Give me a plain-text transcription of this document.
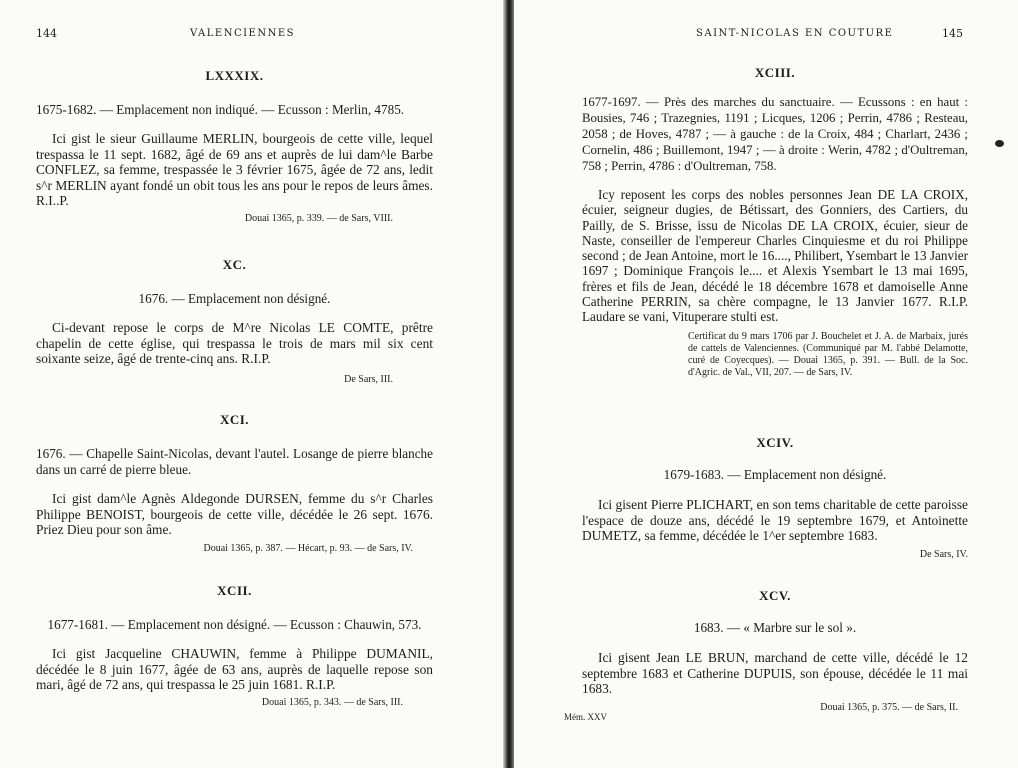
144	VALENCIENNES
LXXXIX.

1675-1682. — Emplacement non indiqué. — Ecusson : Merlin, 4785.

Ici gist le sieur Guillaume MERLIN, bourgeois de cette ville, lequel trespassa le 11 sept. 1682, âgé de 69 ans et auprès de lui dam^le Barbe CONFLEZ, sa femme, trespassée le 3 février 1675, âgée de 72 ans, ledit s^r MERLIN ayant fondé un obit tous les ans pour le repos de leurs âmes. R.I..P.

Douai 1365, p. 339. — de Sars, VIII.

XC.

1676. — Emplacement non désigné.

Ci-devant repose le corps de M^re Nicolas LE COMTE, prêtre chapelin de cette église, qui trespassa le trois de mars mil six cent soixante seize, âgé de trente-cinq ans. R.I.P.

De Sars, III.

XCI.

1676. — Chapelle Saint-Nicolas, devant l'autel. Losange de pierre blanche dans un carré de pierre bleue.

Ici gist dam^le Agnès Aldegonde DURSEN, femme du s^r Charles Philippe BENOIST, bourgeois de cette ville, décédée le 26 sept. 1676. Priez Dieu pour son âme.

Douai 1365, p. 387. — Hécart, p. 93. — de Sars, IV.

XCII.

1677-1681. — Emplacement non désigné. — Ecusson : Chauwin, 573.

Ici gist Jacqueline CHAUWIN, femme à Philippe DUMANIL, décédée le 8 juin 1677, âgée de 63 ans, auprès de laquelle repose son mari, âgé de 72 ans, qui trespassa le 25 juin 1681. R.I.P.

Douai 1365, p. 343. — de Sars, III.

SAINT-NICOLAS EN COUTURE	145
XCIII.

1677-1697. — Près des marches du sanctuaire. — Ecussons : en haut : Bousies, 746 ; Trazegnies, 1191 ; Licques, 1206 ; Perrin, 4786 ; Resteau, 2058 ; de Hoves, 4787 ; — à gauche : de la Croix, 484 ; Charlart, 2436 ; Cornelin, 486 ; Buillemont, 1947 ; — à droite : Werin, 4782 ; d'Oultreman, 758 ; Perrin, 4786 : d'Oultreman, 758.

Icy reposent les corps des nobles personnes Jean DE LA CROIX, écuier, seigneur dugies, de Bétissart, des Gonniers, des Cartiers, du Pailly, de S. Brisse, issu de Nicolas DE LA CROIX, écuier, sieur de Naste, conseiller de l'empereur Charles Cinquiesme et du roi Philippe second ; de Jean Antoine, mort le 16...., Philibert, Ysembart le 13 Janvier 1697 ; Dominique François le.... et Alexis Ysembart le 13 mai 1695, frères et fils de Jean, décédé le 18 décembre 1678 et damoiselle Anne Catherine PERRIN, sa chère compagne, le 13 Janvier 1677. R.I.P. Laudare se vani, Vituperare stulti est.

Certificat du 9 mars 1706 par J. Bouchelet et J. A. de Marbaix, jurés de cattels de Valenciennes. (Communiqué par M. l'abbé Delamotte, curé de Coyecques). — Douai 1365, p. 391. — Bull. de la Soc. d'Agric. de Val., VII, 207. — de Sars, IV.

XCIV.

1679-1683. — Emplacement non désigné.

Ici gisent Pierre PLICHART, en son tems charitable de cette paroisse l'espace de douze ans, décédé le 19 septembre 1679, et Antoinette DUMETZ, sa femme, décédée le 1^er septembre 1683.

De Sars, IV.

XCV.

1683. — « Marbre sur le sol ».

Ici gisent Jean LE BRUN, marchand de cette ville, décédé le 12 septembre 1683 et Catherine DUPUIS, son épouse, décédée le 11 mai 1683.

Douai 1365, p. 375. — de Sars, II.

Mém. XXV
